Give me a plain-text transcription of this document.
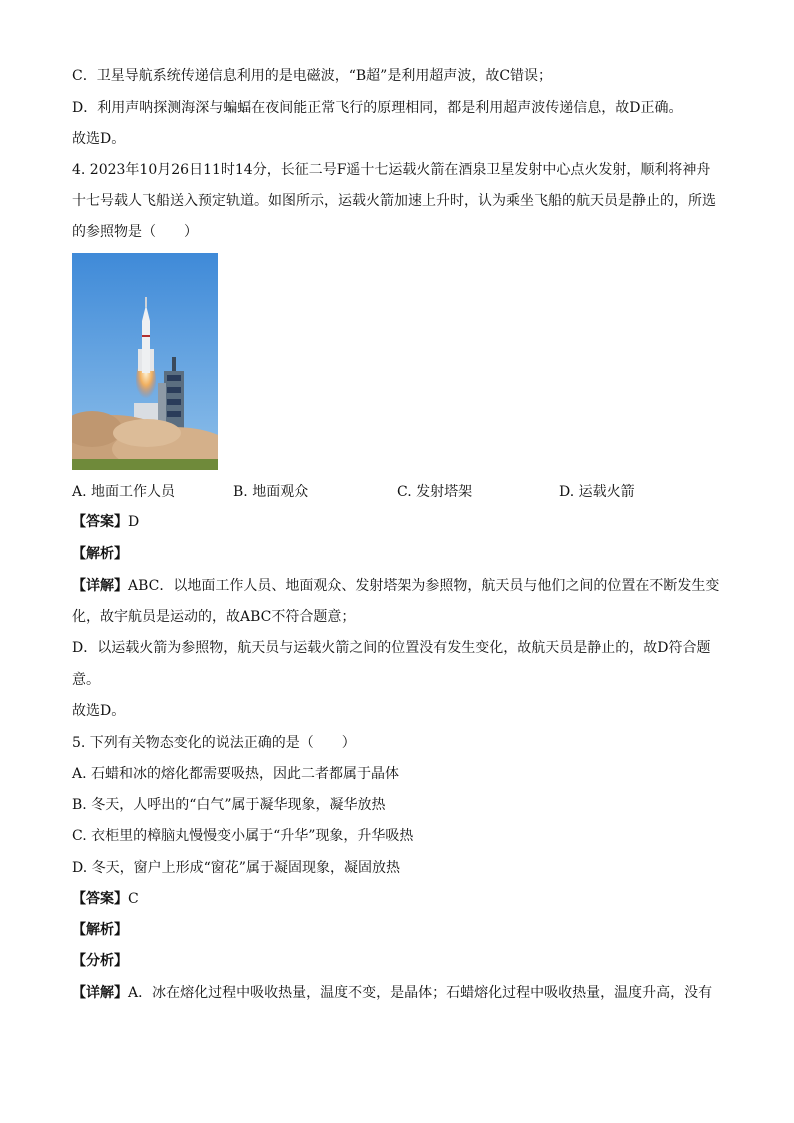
C．卫星导航系统传递信息利用的是电磁波，“B超”是利用超声波，故C错误；
D．利用声呐探测海深与蝙蝠在夜间能正常飞行的原理相同，都是利用超声波传递信息，故D正确。
故选D。
4. 2023年10月26日11时14分，长征二号F遥十七运载火箭在酒泉卫星发射中心点火发射，顺利将神舟
十七号载人飞船送入预定轨道。如图所示，运载火箭加速上升时，认为乘坐飞船的航天员是静止的，所选
的参照物是（　　）
A. 地面工作人员	B. 地面观众	C. 发射塔架	D. 运载火箭
【答案】D
【解析】
【详解】ABC．以地面工作人员、地面观众、发射塔架为参照物，航天员与他们之间的位置在不断发生变
化，故宇航员是运动的，故ABC不符合题意；
D．以运载火箭为参照物，航天员与运载火箭之间的位置没有发生变化，故航天员是静止的，故D符合题
意。
故选D。
5. 下列有关物态变化的说法正确的是（　　）
A. 石蜡和冰的熔化都需要吸热，因此二者都属于晶体
B. 冬天，人呼出的“白气”属于凝华现象，凝华放热
C. 衣柜里的樟脑丸慢慢变小属于“升华”现象，升华吸热
D. 冬天，窗户上形成“窗花”属于凝固现象，凝固放热
【答案】C
【解析】
【分析】
【详解】A．冰在熔化过程中吸收热量，温度不变，是晶体；石蜡熔化过程中吸收热量，温度升高，没有
